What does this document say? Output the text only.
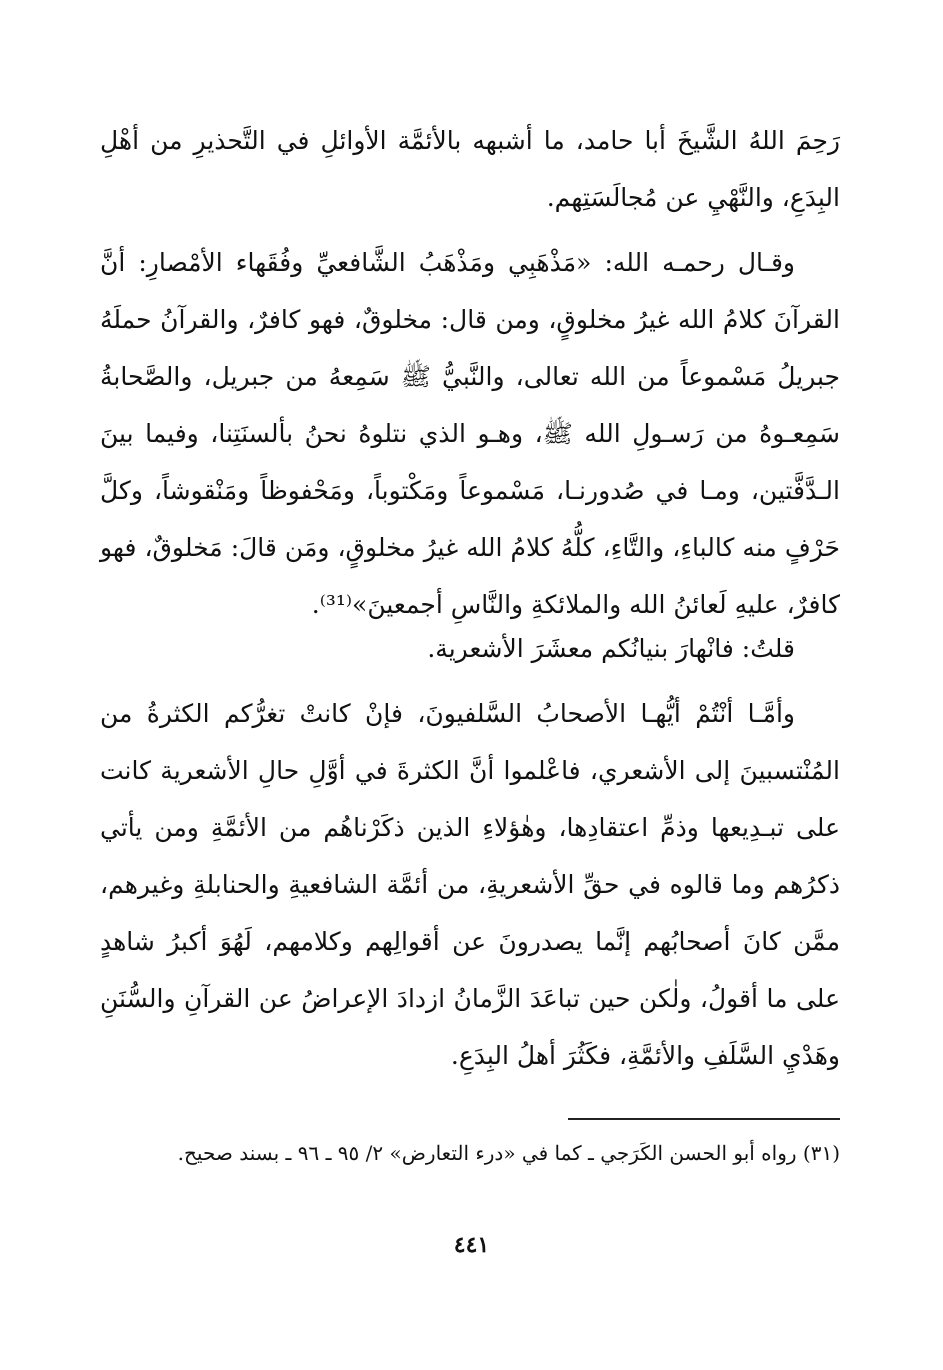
رَحِمَ اللهُ الشَّيخَ أبا حامد، ما أشبهه بالأئمَّة الأوائلِ في التَّحذيرِ من أهْلِ البِدَعِ، والنَّهْيِ عن مُجالَسَتِهم.

وقـال رحمـه الله: «مَذْهَبِي ومَذْهَبُ الشَّافعيِّ وفُقَهاء الأمْصارِ: أنَّ القرآنَ كلامُ الله غيرُ مخلوقٍ، ومن قال: مخلوقٌ، فهو كافرٌ، والقرآنُ حملَهُ جبريلُ مَسْموعاً من الله تعالى، والنَّبيُّ ﷺ سَمِعهُ من جبريل، والصَّحابةُ سَمِعـوهُ من رَسـولِ الله ﷺ، وهـو الذي نتلوهُ نحنُ بألسنَتِنا، وفيما بينَ الـدَّفَّتين، ومـا في صُدورنـا، مَسْموعاً ومَكْتوباً، ومَحْفوظاً ومَنْقوشاً، وكلَّ حَرْفٍ منه كالباءِ، والتَّاءِ، كلُّهُ كلامُ الله غيرُ مخلوقٍ، ومَن قالَ: مَخلوقٌ، فهو كافرٌ، عليهِ لَعائنُ الله والملائكةِ والنَّاسِ أجمعينَ»⁽³¹⁾.

قلتُ: فانْهارَ بنيانُكم معشَرَ الأشعرية.

وأمَّـا أنْتُمْ أيُّهـا الأصحابُ السَّلفيونَ، فإنْ كانتْ تغرُّكم الكثرةُ من المُنْتسبينَ إلى الأشعري، فاعْلموا أنَّ الكثرةَ في أوَّلِ حالِ الأشعرية كانت على تبـدِيعها وذمِّ اعتقادِها، وهٰؤلاءِ الذين ذكَرْناهُم من الأئمَّةِ ومن يأتي ذكرُهم وما قالوه في حقِّ الأشعريةِ، من أئمَّة الشافعيةِ والحنابلةِ وغيرهم، ممَّن كانَ أصحابُهم إنَّما يصدرونَ عن أقوالِهم وكلامهم، لَهُوَ أكبرُ شاهدٍ على ما أقولُ، ولٰكن حين تباعَدَ الزَّمانُ ازدادَ الإعراضُ عن القرآنِ والسُّنَنِ وهَدْيِ السَّلَفِ والأئمَّةِ، فكَثُرَ أهلُ البِدَعِ.

(٣١) رواه أبو الحسن الكَرَجي ـ كما في «درء التعارض» ٢/ ٩٥ ـ ٩٦ ـ بسند صحيح.

٤٤١
